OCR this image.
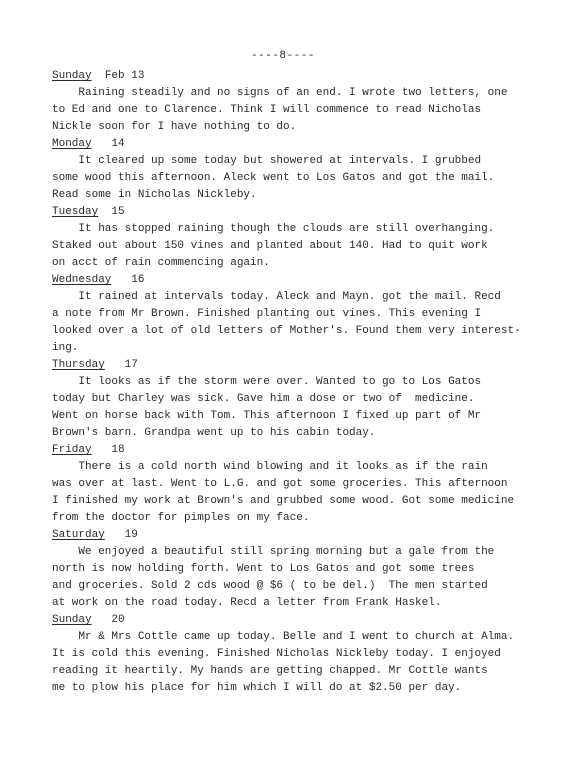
----8----
Sunday Feb 13
Raining steadily and no signs of an end. I wrote two letters, one
to Ed and one to Clarence. Think I will commence to read Nicholas
Nickle soon for I have nothing to do.
Monday 14
It cleared up some today but showered at intervals. I grubbed
some wood this afternoon. Aleck went to Los Gatos and got the mail.
Read some in Nicholas Nickleby.
Tuesday 15
It has stopped raining though the clouds are still overhanging.
Staked out about 150 vines and planted about 140. Had to quit work
on acct of rain commencing again.
Wednesday 16
It rained at intervals today. Aleck and Mayn. got the mail. Recd
a note from Mr Brown. Finished planting out vines. This evening I
looked over a lot of old letters of Mother's. Found them very interest-
ing.
Thursday 17
It looks as if the storm were over. Wanted to go to Los Gatos
today but Charley was sick. Gave him a dose or two of  medicine.
Went on horse back with Tom. This afternoon I fixed up part of Mr
Brown's barn. Grandpa went up to his cabin today.
Friday 18
There is a cold north wind blowing and it looks as if the rain
was over at last. Went to L.G. and got some groceries. This afternoon
I finished my work at Brown's and grubbed some wood. Got some medicine
from the doctor for pimples on my face.
Saturday 19
We enjoyed a beautiful still spring morning but a gale from the
north is now holding forth. Went to Los Gatos and got some trees
and groceries. Sold 2 cds wood @ $6 ( to be del.)  The men started
at work on the road today. Recd a letter from Frank Haskel.
Sunday 20
Mr & Mrs Cottle came up today. Belle and I went to church at Alma.
It is cold this evening. Finished Nicholas Nickleby today. I enjoyed
reading it heartily. My hands are getting chapped. Mr Cottle wants
me to plow his place for him which I will do at $2.50 per day.
